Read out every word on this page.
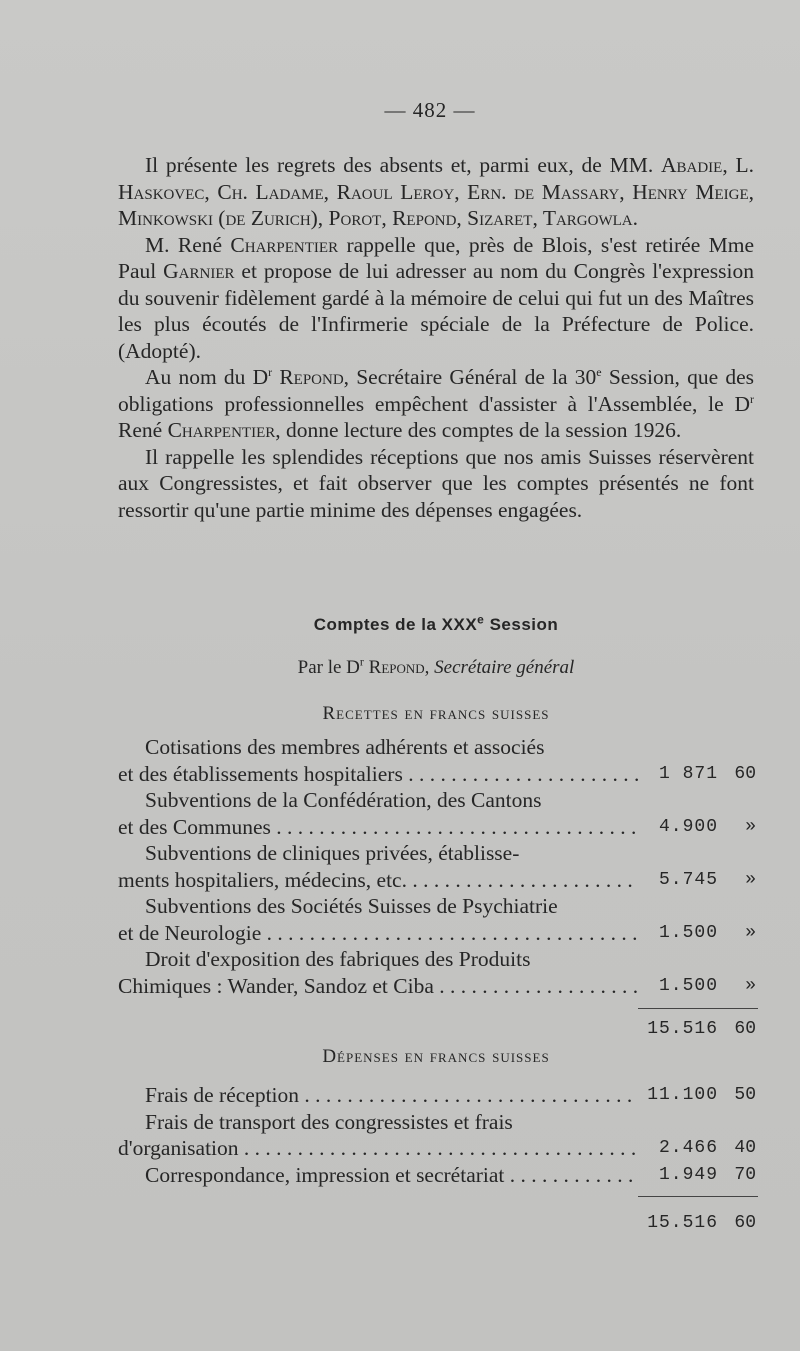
— 482 —

Il présente les regrets des absents et, parmi eux, de MM. Abadie, L. Haskovec, Ch. Ladame, Raoul Leroy, Ern. de Massary, Henry Meige, Minkowski (de Zurich), Porot, Repond, Sizaret, Targowla.

M. René Charpentier rappelle que, près de Blois, s'est retirée Mme Paul Garnier et propose de lui adresser au nom du Congrès l'expression du souvenir fidèlement gardé à la mémoire de celui qui fut un des Maîtres les plus écoutés de l'Infirmerie spéciale de la Préfecture de Police. (Adopté).

Au nom du $D^r$ Repond, Secrétaire Général de la 30e Session, que des obligations professionnelles empêchent d'assister à l'Assemblée, le $D^r$ René Charpentier, donne lecture des comptes de la session 1926.

Il rappelle les splendides réceptions que nos amis Suisses réservèrent aux Congressistes, et fait observer que les comptes présentés ne font ressortir qu'une partie minime des dépenses engagées.

Comptes de la XXXe Session

Par le $D^r$ Repond, Secrétaire général

Recettes en francs suisses

Cotisations des membres adhérents et associés
et des établissements hospitaliers . . .	1 871 60
Subventions de la Confédération, des Cantons
et des Communes . . .	4.900	»
Subventions de cliniques privées, établisse-
ments hospitaliers, médecins, etc. . . .	5.745	»
Subventions des Sociétés Suisses de Psychiatrie
et de Neurologie . . .	1.500	»
Droit d'exposition des fabriques des Produits
Chimiques : Wander, Sandoz et Ciba . . .	1.500	»
15.516 60

Dépenses en francs suisses

Frais de réception . . .	11.100 50
Frais de transport des congressistes et frais
d'organisation . . .	2.466 40
Correspondance, impression et secrétariat . . .	1.949 70
15.516 60
